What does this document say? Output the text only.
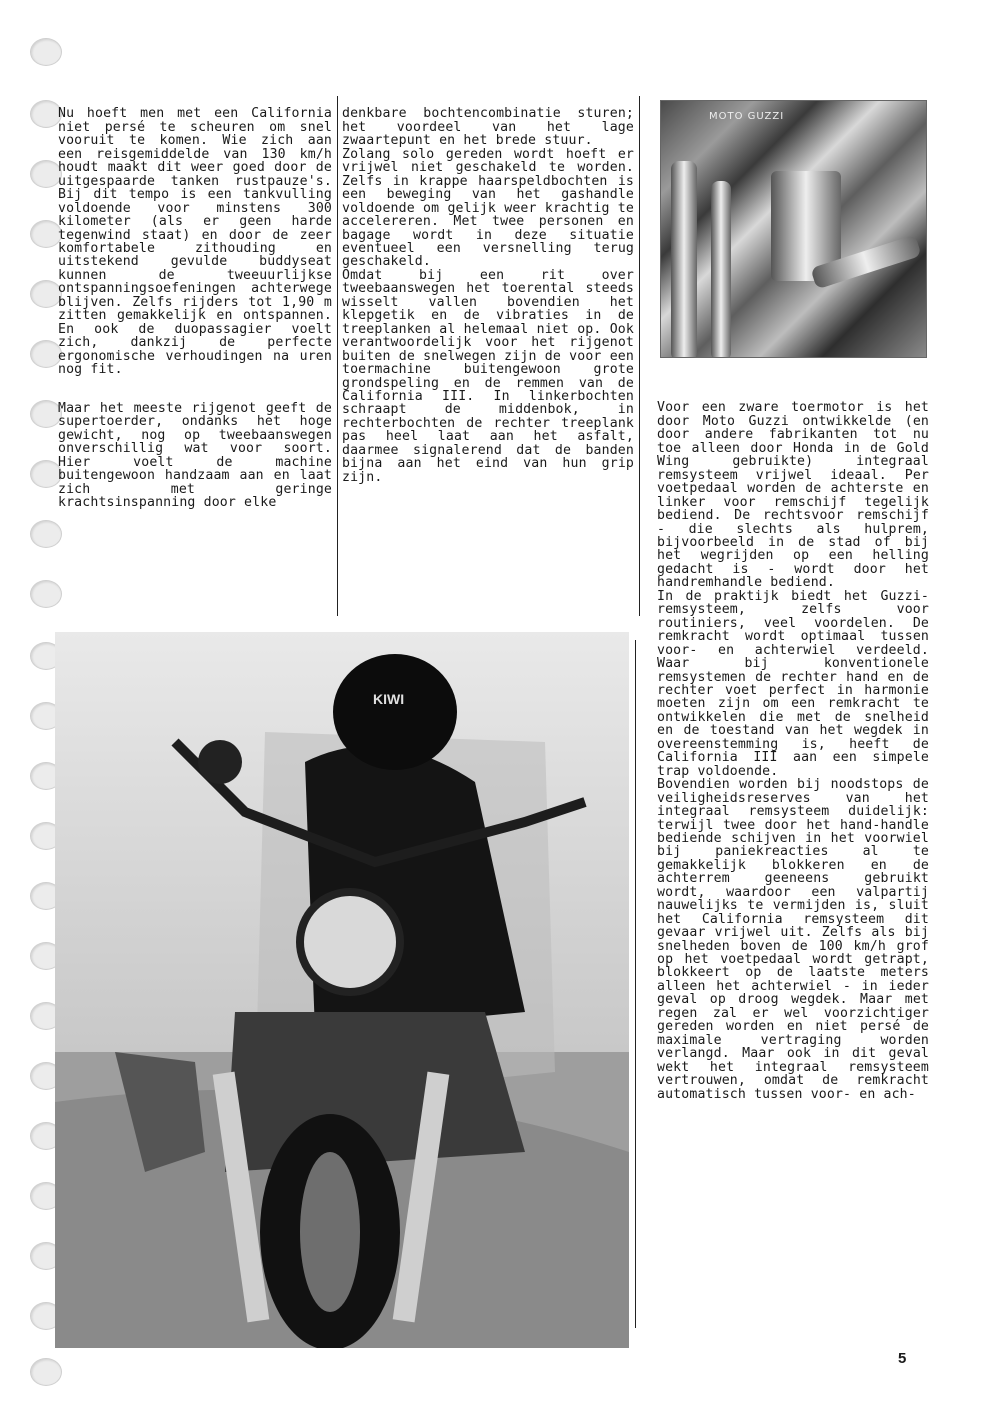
Nu hoeft men met een California niet persé te scheuren om snel vooruit te komen. Wie zich aan een reisgemiddelde van 130 km/h houdt maakt dit weer goed door de uitgespaarde tanken rustpauze's. Bij dit tempo is een tankvulling voldoende voor minstens 300 kilometer (als er geen harde tegenwind staat) en door de zeer komfortabele zithouding en uitstekend gevulde buddyseat kunnen de tweeuurlijkse ontspanningsoefeningen achterwege blijven. Zelfs rijders tot 1,90 m zitten gemakkelijk en ontspannen. En ook de duopassagier voelt zich, dankzij de perfecte ergonomische verhoudingen na uren nog fit.

Maar het meeste rijgenot geeft de supertoerder, ondanks het hoge gewicht, nog op tweebaanswegen onverschillig wat voor soort. Hier voelt de machine buitengewoon handzaam aan en laat zich met geringe krachtsinspanning door elke

denkbare bochtencombinatie sturen; het voordeel van het lage zwaartepunt en het brede stuur.
Zolang solo gereden wordt hoeft er vrijwel niet geschakeld te worden. Zelfs in krappe haarspeldbochten is een beweging van het gashandle voldoende om gelijk weer krachtig te accelereren. Met twee personen en bagage wordt in deze situatie eventueel een versnelling terug geschakeld.
Omdat bij een rit over tweebaanswegen het toerental steeds wisselt vallen bovendien het klepgetik en de vibraties in de treeplanken al helemaal niet op. Ook verantwoordelijk voor het rijgenot buiten de snelwegen zijn de voor een toermachine buitengewoon grote grondspeling en de remmen van de California III. In linkerbochten schraapt de middenbok, in rechterbochten de rechter treeplank pas heel laat aan het asfalt, daarmee signalerend dat de banden bijna aan het eind van hun grip zijn.

MOTO GUZZI

Voor een zware toermotor is het door Moto Guzzi ontwikkelde (en door andere fabrikanten tot nu toe alleen door Honda in de Gold Wing gebruikte) integraal remsysteem vrijwel ideaal. Per voetpedaal worden de achterste en linker voor remschijf tegelijk bediend. De rechtsvoor remschijf - die slechts als hulprem, bijvoorbeeld in de stad of bij het wegrijden op een helling gedacht is - wordt door het handremhandle bediend.
In de praktijk biedt het Guzzi-remsysteem, zelfs voor routiniers, veel voordelen. De remkracht wordt optimaal tussen voor- en achterwiel verdeeld. Waar bij konventionele remsystemen de rechter hand en de rechter voet perfect in harmonie moeten zijn om een remkracht te ontwikkelen die met de snelheid en de toestand van het wegdek in overeenstemming is, heeft de California III aan een simpele trap voldoende.
Bovendien worden bij noodstops de veiligheidsreserves van het integraal remsysteem duidelijk: terwijl twee door het hand-handle bediende schijven in het voorwiel bij paniekreacties al te gemakkelijk blokkeren en de achterrem geeneens gebruikt wordt, waardoor een valpartij nauwelijks te vermijden is, sluit het California remsysteem dit gevaar vrijwel uit. Zelfs als bij snelheden boven de 100 km/h grof op het voetpedaal wordt getrapt, blokkeert op de laatste meters alleen het achterwiel - in ieder geval op droog wegdek. Maar met regen zal er wel voorzichtiger gereden worden en niet persé de maximale vertraging worden verlangd. Maar ook in dit geval wekt het integraal remsysteem vertrouwen, omdat de remkracht automatisch tussen voor- en ach-

KIWI
5
